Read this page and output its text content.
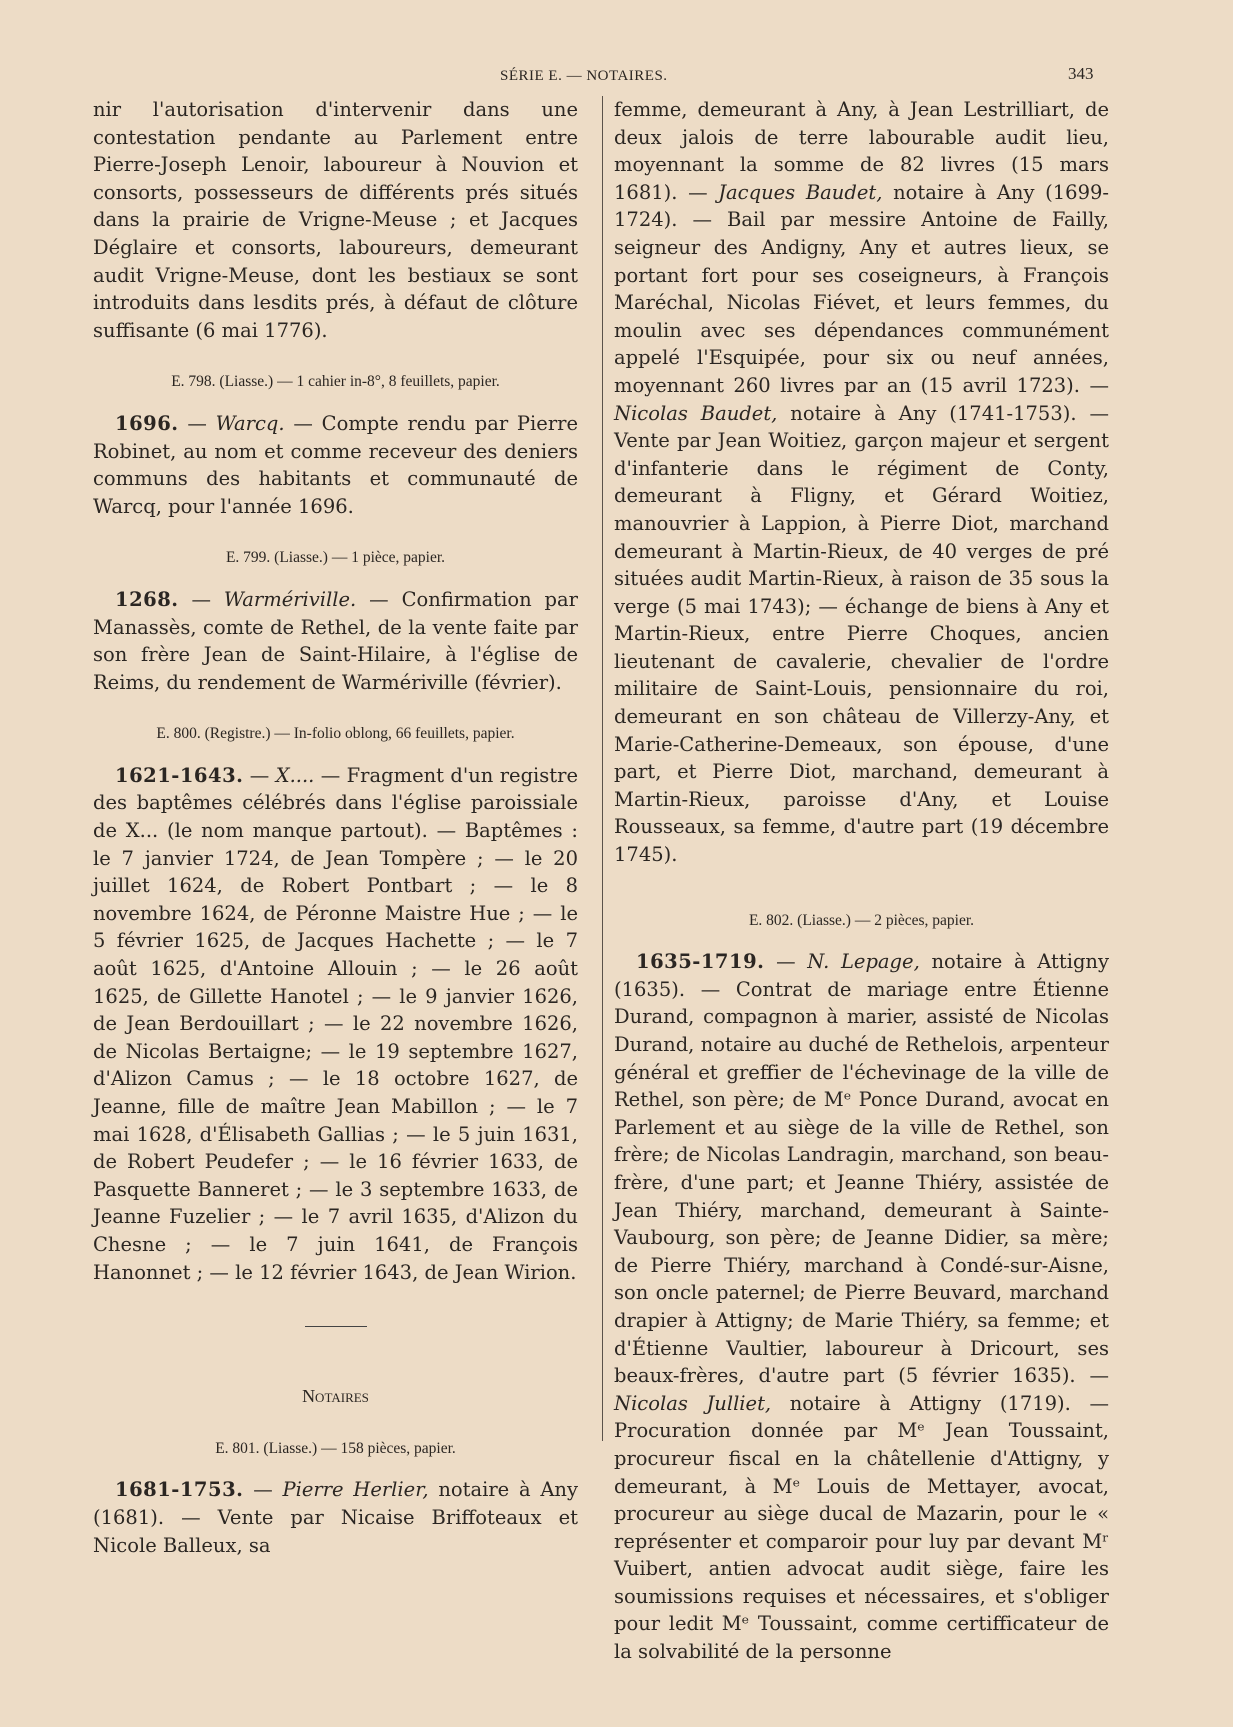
SÉRIE E. — NOTAIRES.	343

nir l'autorisation d'intervenir dans une contestation pendante au Parlement entre Pierre-Joseph Lenoir, laboureur à Nouvion et consorts, possesseurs de différents prés situés dans la prairie de Vrigne-Meuse ; et Jacques Déglaire et consorts, laboureurs, demeurant audit Vrigne-Meuse, dont les bestiaux se sont introduits dans lesdits prés, à défaut de clôture suffisante (6 mai 1776).

E. 798. (Liasse.) — 1 cahier in-8°, 8 feuillets, papier.

1696. — Warcq. — Compte rendu par Pierre Robinet, au nom et comme receveur des deniers communs des habitants et communauté de Warcq, pour l'année 1696.

E. 799. (Liasse.) — 1 pièce, papier.

1268. — Warmériville. — Confirmation par Manassès, comte de Rethel, de la vente faite par son frère Jean de Saint-Hilaire, à l'église de Reims, du rendement de Warmériville (février).

E. 800. (Registre.) — In-folio oblong, 66 feuillets, papier.

1621-1643. — X.... — Fragment d'un registre des baptêmes célébrés dans l'église paroissiale de X... (le nom manque partout). — Baptêmes : le 7 janvier 1724, de Jean Tompère ; — le 20 juillet 1624, de Robert Pontbart ; — le 8 novembre 1624, de Péronne Maistre Hue ; — le 5 février 1625, de Jacques Hachette ; — le 7 août 1625, d'Antoine Allouin ; — le 26 août 1625, de Gillette Hanotel ; — le 9 janvier 1626, de Jean Berdouillart ; — le 22 novembre 1626, de Nicolas Bertaigne; — le 19 septembre 1627, d'Alizon Camus ; — le 18 octobre 1627, de Jeanne, fille de maître Jean Mabillon ; — le 7 mai 1628, d'Élisabeth Gallias ; — le 5 juin 1631, de Robert Peudefer ; — le 16 février 1633, de Pasquette Banneret ; — le 3 septembre 1633, de Jeanne Fuzelier ; — le 7 avril 1635, d'Alizon du Chesne ; — le 7 juin 1641, de François Hanonnet ; — le 12 février 1643, de Jean Wirion.

Notaires
E. 801. (Liasse.) — 158 pièces, papier.

1681-1753. — Pierre Herlier, notaire à Any (1681). — Vente par Nicaise Briffoteaux et Nicole Balleux, sa

femme, demeurant à Any, à Jean Lestrilliart, de deux jalois de terre labourable audit lieu, moyennant la somme de 82 livres (15 mars 1681). — Jacques Baudet, notaire à Any (1699-1724). — Bail par messire Antoine de Failly, seigneur des Andigny, Any et autres lieux, se portant fort pour ses coseigneurs, à François Maréchal, Nicolas Fiévet, et leurs femmes, du moulin avec ses dépendances communément appelé l'Esquipée, pour six ou neuf années, moyennant 260 livres par an (15 avril 1723). — Nicolas Baudet, notaire à Any (1741-1753). — Vente par Jean Woitiez, garçon majeur et sergent d'infanterie dans le régiment de Conty, demeurant à Fligny, et Gérard Woitiez, manouvrier à Lappion, à Pierre Diot, marchand demeurant à Martin-Rieux, de 40 verges de pré situées audit Martin-Rieux, à raison de 35 sous la verge (5 mai 1743); — échange de biens à Any et Martin-Rieux, entre Pierre Choques, ancien lieutenant de cavalerie, chevalier de l'ordre militaire de Saint-Louis, pensionnaire du roi, demeurant en son château de Villerzy-Any, et Marie-Catherine-Demeaux, son épouse, d'une part, et Pierre Diot, marchand, demeurant à Martin-Rieux, paroisse d'Any, et Louise Rousseaux, sa femme, d'autre part (19 décembre 1745).

E. 802. (Liasse.) — 2 pièces, papier.

1635-1719. — N. Lepage, notaire à Attigny (1635). — Contrat de mariage entre Étienne Durand, compagnon à marier, assisté de Nicolas Durand, notaire au duché de Rethelois, arpenteur général et greffier de l'échevinage de la ville de Rethel, son père; de Mᵉ Ponce Durand, avocat en Parlement et au siège de la ville de Rethel, son frère; de Nicolas Landragin, marchand, son beau-frère, d'une part; et Jeanne Thiéry, assistée de Jean Thiéry, marchand, demeurant à Sainte-Vaubourg, son père; de Jeanne Didier, sa mère; de Pierre Thiéry, marchand à Condé-sur-Aisne, son oncle paternel; de Pierre Beuvard, marchand drapier à Attigny; de Marie Thiéry, sa femme; et d'Étienne Vaultier, laboureur à Dricourt, ses beaux-frères, d'autre part (5 février 1635). — Nicolas Julliet, notaire à Attigny (1719). — Procuration donnée par Mᵉ Jean Toussaint, procureur fiscal en la châtellenie d'Attigny, y demeurant, à Mᵉ Louis de Mettayer, avocat, procureur au siège ducal de Mazarin, pour le « représenter et comparoir pour luy par devant Mʳ Vuibert, antien advocat audit siège, faire les soumissions requises et nécessaires, et s'obliger pour ledit Mᵉ Toussaint, comme certifficateur de la solvabilité de la personne
